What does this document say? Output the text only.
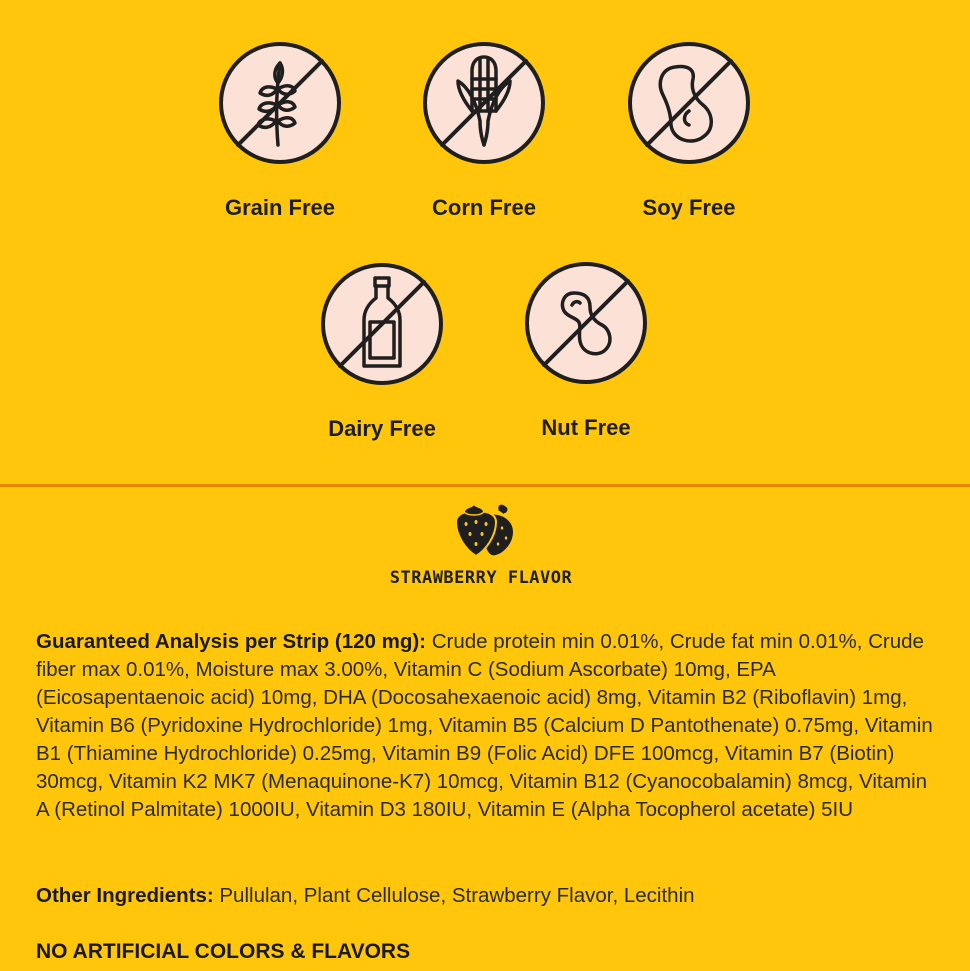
Grain Free	Corn Free	Soy Free
Dairy Free	Nut Free
STRAWBERRY FLAVOR
Guaranteed Analysis per Strip (120 mg): Crude protein min 0.01%, Crude fat min 0.01%, Crude fiber max 0.01%, Moisture max 3.00%, Vitamin C (Sodium Ascorbate) 10mg, EPA (Eicosapentaenoic acid) 10mg, DHA (Docosahexaenoic acid) 8mg, Vitamin B2 (Riboflavin) 1mg, Vitamin B6 (Pyridoxine Hydrochloride) 1mg, Vitamin B5 (Calcium D Pantothenate) 0.75mg, Vitamin B1 (Thiamine Hydrochloride) 0.25mg, Vitamin B9 (Folic Acid) DFE 100mcg, Vitamin B7 (Biotin) 30mcg, Vitamin K2 MK7 (Menaquinone-K7) 10mcg, Vitamin B12 (Cyanocobalamin) 8mcg, Vitamin A (Retinol Palmitate) 1000IU, Vitamin D3 180IU, Vitamin E (Alpha Tocopherol acetate) 5IU
Other Ingredients: Pullulan, Plant Cellulose, Strawberry Flavor, Lecithin
NO ARTIFICIAL COLORS & FLAVORS
